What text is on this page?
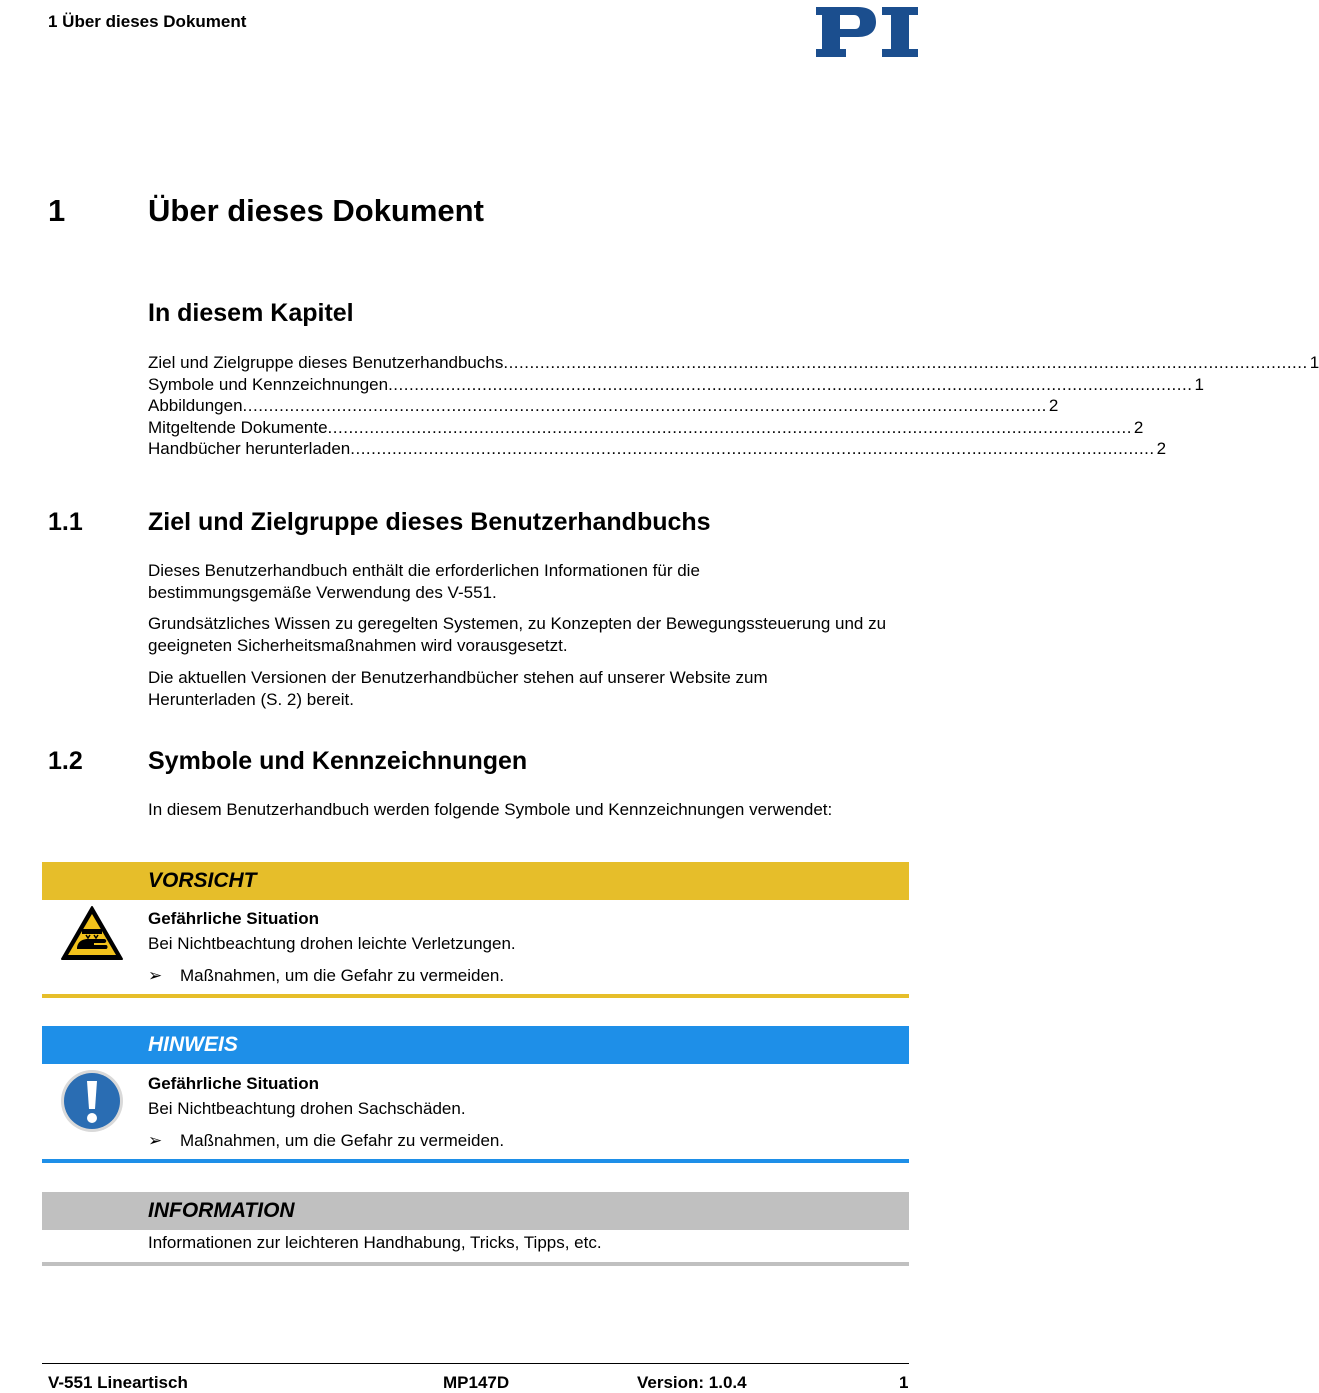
1 Über dieses Dokument
1	Über dieses Dokument
In diesem Kapitel
Ziel und Zielgruppe dieses Benutzerhandbuchs .......................................................................................................................................................... 1
Symbole und Kennzeichnungen .......................................................................................................................................................... 1
Abbildungen .......................................................................................................................................................... 2
Mitgeltende Dokumente .......................................................................................................................................................... 2
Handbücher herunterladen .......................................................................................................................................................... 2
1.1	Ziel und Zielgruppe dieses Benutzerhandbuchs
Dieses Benutzerhandbuch enthält die erforderlichen Informationen für die
bestimmungsgemäße Verwendung des V-551.
Grundsätzliches Wissen zu geregelten Systemen, zu Konzepten der Bewegungssteuerung und zu
geeigneten Sicherheitsmaßnahmen wird vorausgesetzt.
Die aktuellen Versionen der Benutzerhandbücher stehen auf unserer Website zum
Herunterladen (S. 2) bereit.
1.2	Symbole und Kennzeichnungen
In diesem Benutzerhandbuch werden folgende Symbole und Kennzeichnungen verwendet:
VORSICHT
Gefährliche Situation
Bei Nichtbeachtung drohen leichte Verletzungen.
➢ Maßnahmen, um die Gefahr zu vermeiden.
HINWEIS
Gefährliche Situation
Bei Nichtbeachtung drohen Sachschäden.
➢ Maßnahmen, um die Gefahr zu vermeiden.
INFORMATION
Informationen zur leichteren Handhabung, Tricks, Tipps, etc.
V-551 Lineartisch	MP147D	Version: 1.0.4	1
